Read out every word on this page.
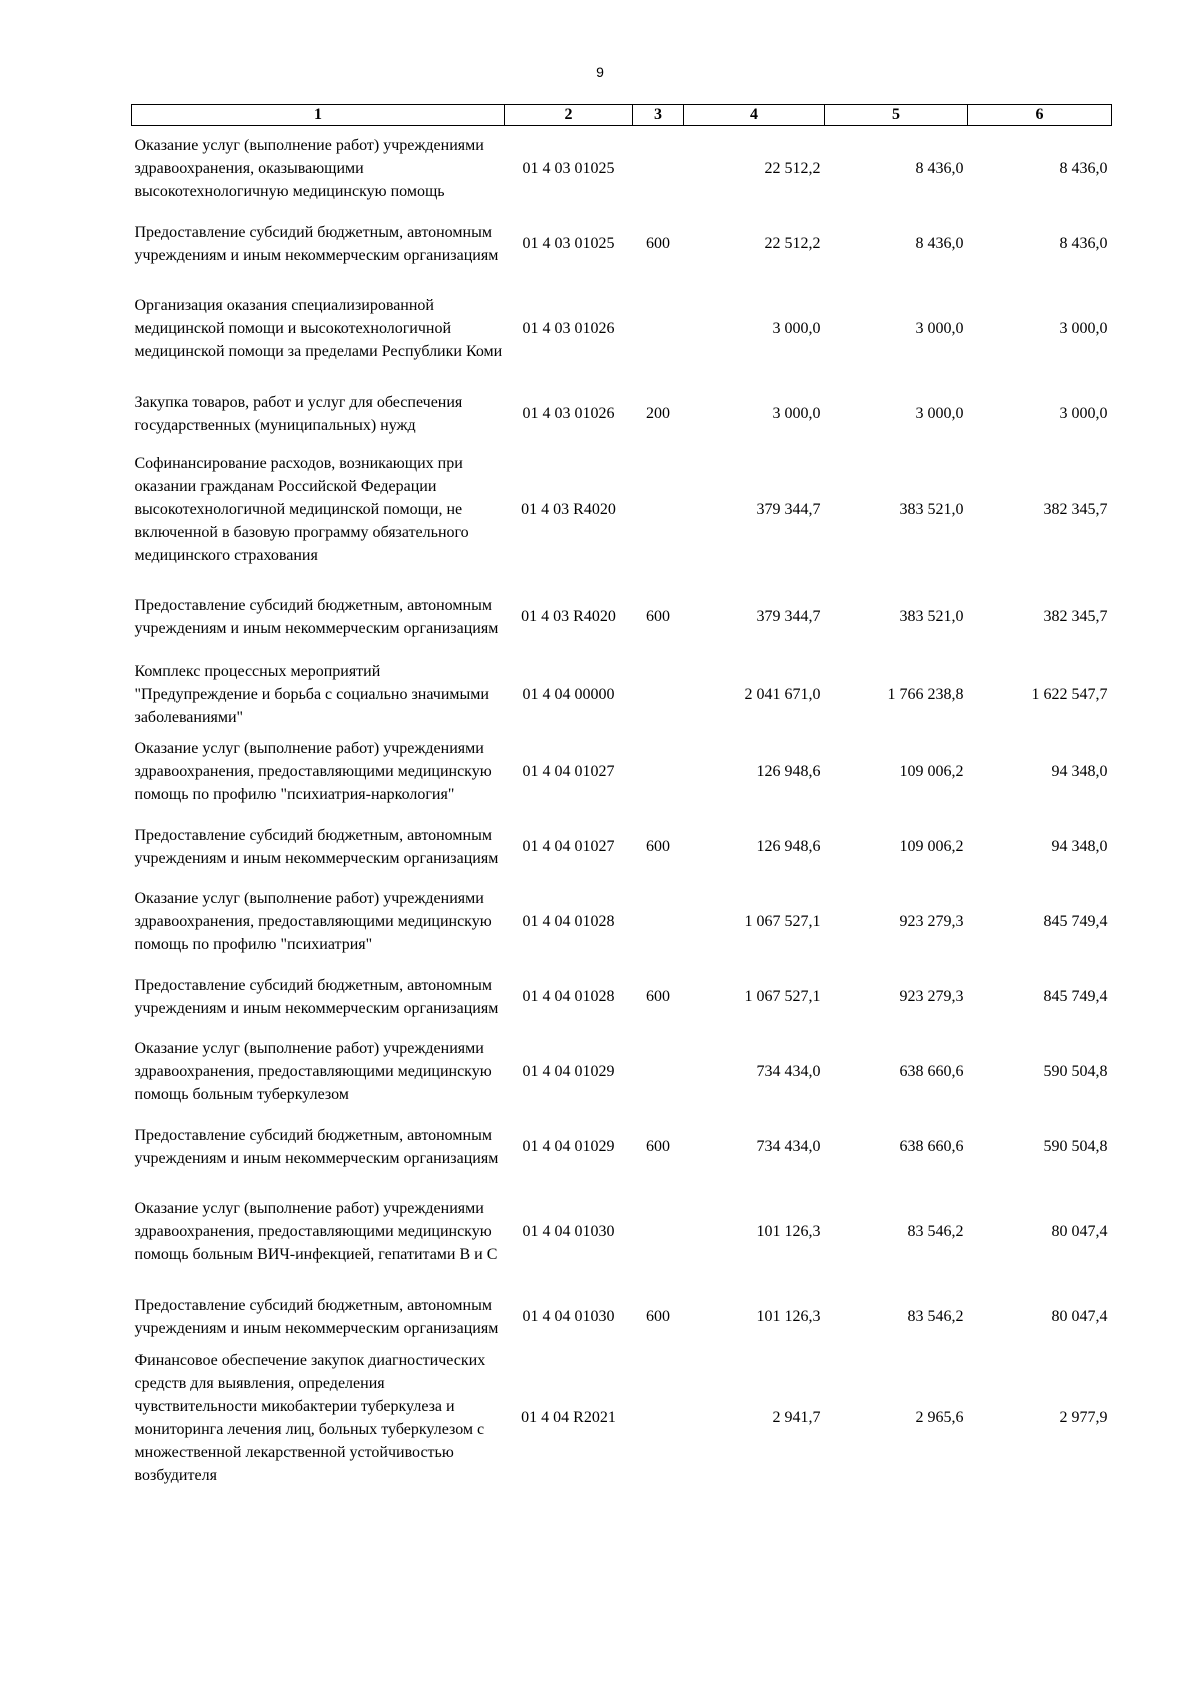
9
1	2	3	4	5	6
Оказание услуг (выполнение работ) учреждениями здравоохранения, оказывающими высокотехнологичную медицинскую помощь	01 4 03 01025		22 512,2	8 436,0	8 436,0
Предоставление субсидий бюджетным, автономным учреждениям и иным некоммерческим организациям	01 4 03 01025	600	22 512,2	8 436,0	8 436,0
Организация оказания специализированной медицинской помощи и высокотехнологичной медицинской помощи за пределами Республики Коми	01 4 03 01026		3 000,0	3 000,0	3 000,0
Закупка товаров, работ и услуг для обеспечения государственных (муниципальных) нужд	01 4 03 01026	200	3 000,0	3 000,0	3 000,0
Софинансирование расходов, возникающих при оказании гражданам Российской Федерации высокотехнологичной медицинской помощи, не включенной в базовую программу обязательного медицинского страхования	01 4 03 R4020		379 344,7	383 521,0	382 345,7
Предоставление субсидий бюджетным, автономным учреждениям и иным некоммерческим организациям	01 4 03 R4020	600	379 344,7	383 521,0	382 345,7
Комплекс процессных мероприятий "Предупреждение и борьба с социально значимыми заболеваниями"	01 4 04 00000		2 041 671,0	1 766 238,8	1 622 547,7
Оказание услуг (выполнение работ) учреждениями здравоохранения, предоставляющими медицинскую помощь по профилю "психиатрия-наркология"	01 4 04 01027		126 948,6	109 006,2	94 348,0
Предоставление субсидий бюджетным, автономным учреждениям и иным некоммерческим организациям	01 4 04 01027	600	126 948,6	109 006,2	94 348,0
Оказание услуг (выполнение работ) учреждениями здравоохранения, предоставляющими медицинскую помощь по профилю "психиатрия"	01 4 04 01028		1 067 527,1	923 279,3	845 749,4
Предоставление субсидий бюджетным, автономным учреждениям и иным некоммерческим организациям	01 4 04 01028	600	1 067 527,1	923 279,3	845 749,4
Оказание услуг (выполнение работ) учреждениями здравоохранения, предоставляющими медицинскую помощь больным туберкулезом	01 4 04 01029		734 434,0	638 660,6	590 504,8
Предоставление субсидий бюджетным, автономным учреждениям и иным некоммерческим организациям	01 4 04 01029	600	734 434,0	638 660,6	590 504,8
Оказание услуг (выполнение работ) учреждениями здравоохранения, предоставляющими медицинскую помощь больным ВИЧ-инфекцией, гепатитами В и С	01 4 04 01030		101 126,3	83 546,2	80 047,4
Предоставление субсидий бюджетным, автономным учреждениям и иным некоммерческим организациям	01 4 04 01030	600	101 126,3	83 546,2	80 047,4
Финансовое обеспечение закупок диагностических средств для выявления, определения чувствительности микобактерии туберкулеза и мониторинга лечения лиц, больных туберкулезом с множественной лекарственной устойчивостью возбудителя	01 4 04 R2021		2 941,7	2 965,6	2 977,9
